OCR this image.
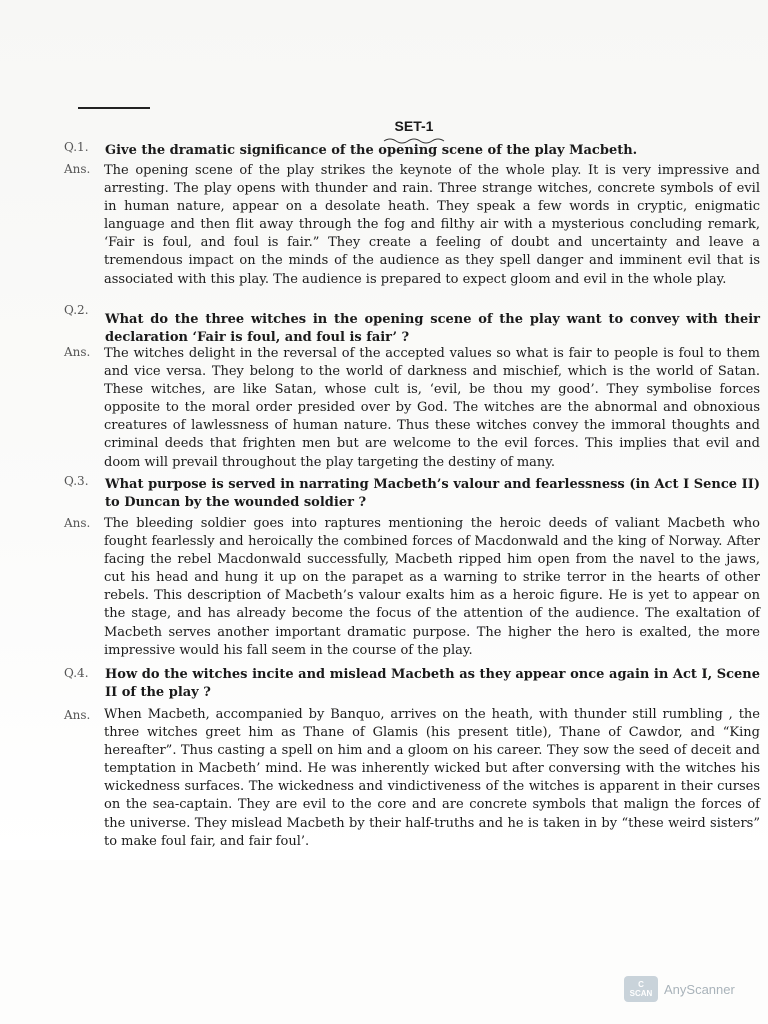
SET-1
Q.1.	Give the dramatic significance of the opening scene of the play Macbeth.
Ans.	The opening scene of the play strikes the keynote of the whole play. It is very impressive and arresting. The play opens with thunder and rain. Three strange witches, concrete symbols of evil in human nature, appear on a desolate heath. They speak a few words in cryptic, enigmatic language and then flit away through the fog and filthy air with a mysterious concluding remark, ‘Fair is foul, and foul is fair.” They create a feeling of doubt and uncertainty and leave a tremendous impact on the minds of the audience as they spell danger and imminent evil that is associated with this play. The audience is prepared to expect gloom and evil in the whole play.
Q.2.
What do the three witches in the opening scene of the play want to convey with their declaration ‘Fair is foul, and foul is fair’ ?
Ans.	The witches delight in the reversal of the accepted values so what is fair to people is foul to them and vice versa. They belong to the world of darkness and mischief, which is the world of Satan. These witches, are like Satan, whose cult is, ‘evil, be thou my good’. They symbolise forces opposite to the moral order presided over by God. The witches are the abnormal and obnoxious creatures of lawlessness of human nature. Thus these witches convey the immoral thoughts and criminal deeds that frighten men but are welcome to the evil forces. This implies that evil and doom will prevail throughout the play targeting the destiny of many.
Q.3.	What purpose is served in narrating Macbeth’s valour and fearlessness (in Act I Sence II) to Duncan by the wounded soldier ?
Ans.	The bleeding soldier goes into raptures mentioning the heroic deeds of valiant Macbeth who fought fearlessly and heroically the combined forces of Macdonwald and the king of Norway. After facing the rebel Macdonwald successfully, Macbeth ripped him open from the navel to the jaws, cut his head and hung it up on the parapet as a warning to strike terror in the hearts of other rebels. This description of Macbeth’s valour exalts him as a heroic figure. He is yet to appear on the stage, and has already become the focus of the attention of the audience. The exaltation of Macbeth serves another important dramatic purpose. The higher the hero is exalted, the more impressive would his fall seem in the course of the play.
Q.4.	How do the witches incite and mislead Macbeth as they appear once again in Act I, Scene II of the play ?
Ans.	When Macbeth, accompanied by Banquo, arrives on the heath, with thunder still rumbling , the three witches greet him as Thane of Glamis (his present title), Thane of Cawdor, and “King hereafter”. Thus casting a spell on him and a gloom on his career. They sow the seed of deceit and temptation in Macbeth’ mind. He was inherently wicked but after conversing with the witches his wickedness surfaces. The wickedness and vindictiveness of the witches is apparent in their curses on the sea-captain. They are evil to the core and are concrete symbols that malign the forces of the universe. They mislead Macbeth by their half-truths and he is taken in by “these weird sisters” to make foul fair, and fair foul’.
C
SCAN AnyScanner
